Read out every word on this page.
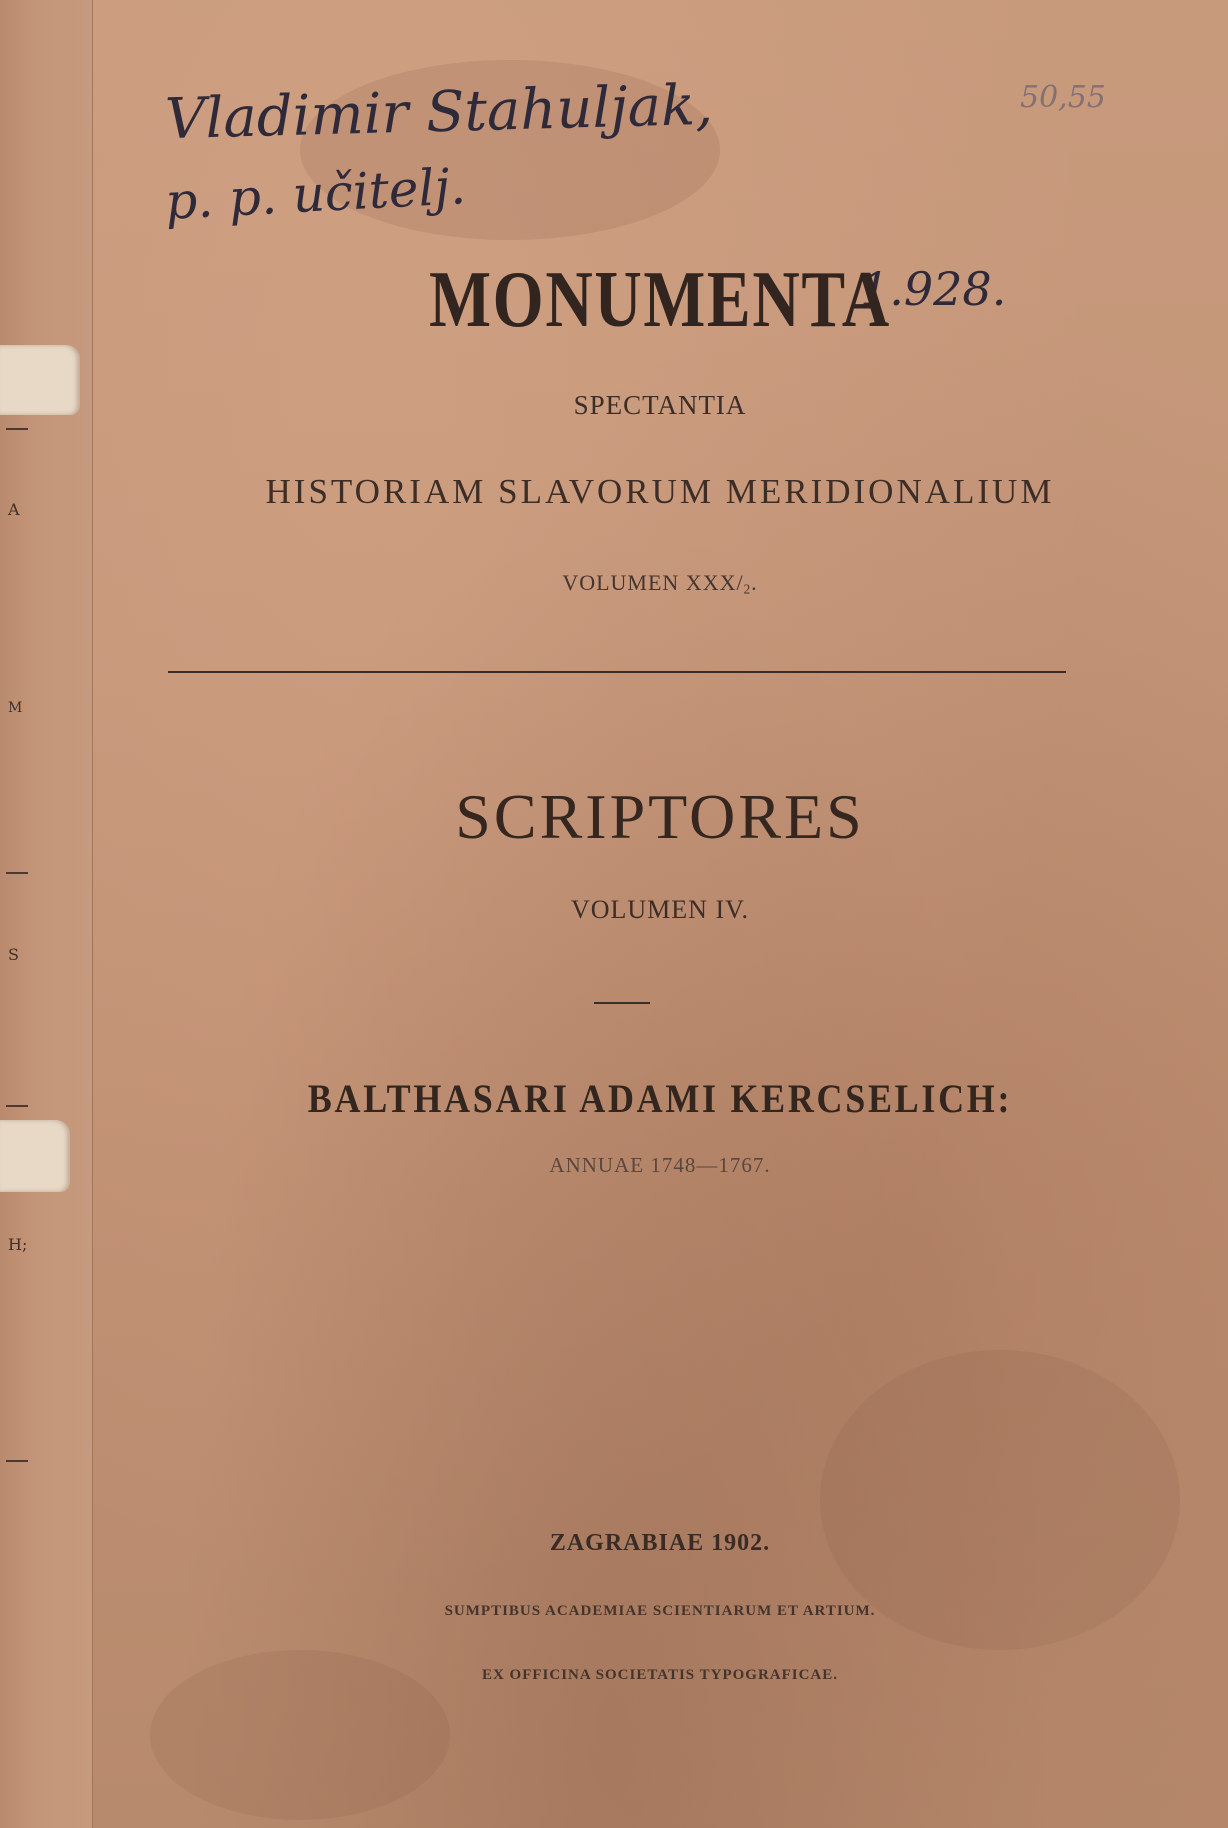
A
M
S
H;
Vladimir Stahuljak,
p. p. učitelj.
50,55
1.928.
MONUMENTA
SPECTANTIA
HISTORIAM SLAVORUM MERIDIONALIUM
VOLUMEN XXX/2.
SCRIPTORES
VOLUMEN IV.
BALTHASARI ADAMI KERCSELICH:
ANNUAE 1748—1767.
ZAGRABIAE 1902.
SUMPTIBUS ACADEMIAE SCIENTIARUM ET ARTIUM.
EX OFFICINA SOCIETATIS TYPOGRAFICAE.
